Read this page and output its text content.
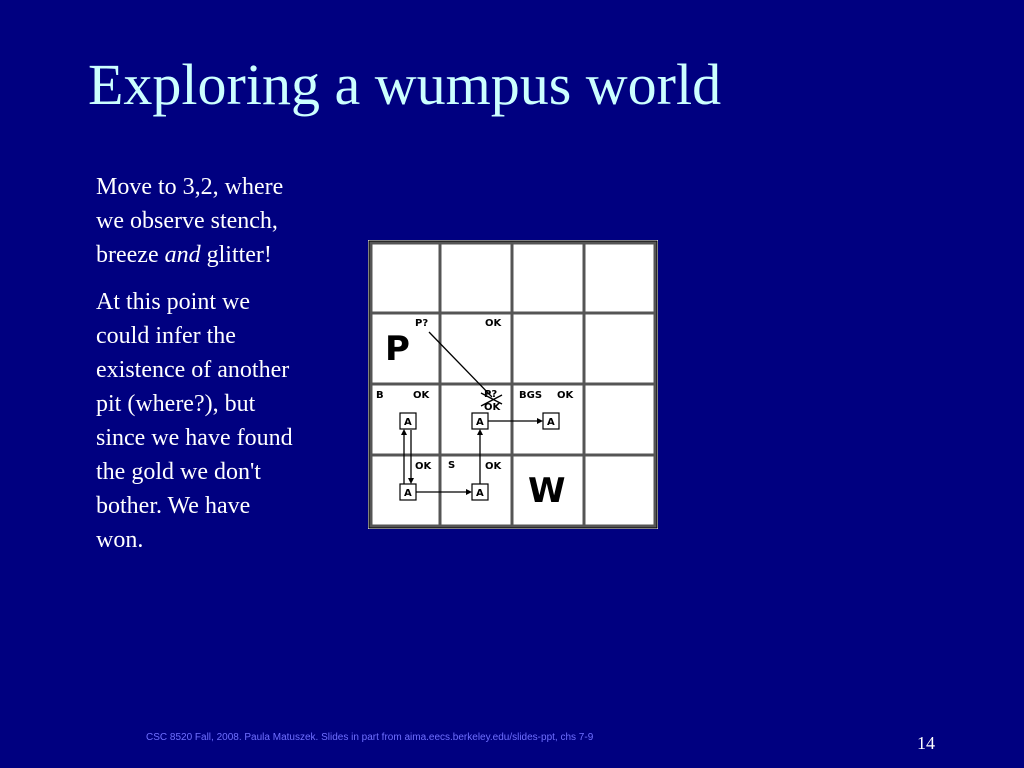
Exploring a wumpus world

Move to 3,2, where we observe stench, breeze and glitter!

At this point we could infer the existence of another pit (where?), but since we have found the gold we don't bother. We have won.

P
P?	OK
B	OK	P?
OK
BGS OK
OK S	OK
W
A	A	A
A	A
CSC 8520 Fall, 2008. Paula Matuszek. Slides in part from aima.eecs.berkeley.edu/slides-ppt, chs 7-9	14
